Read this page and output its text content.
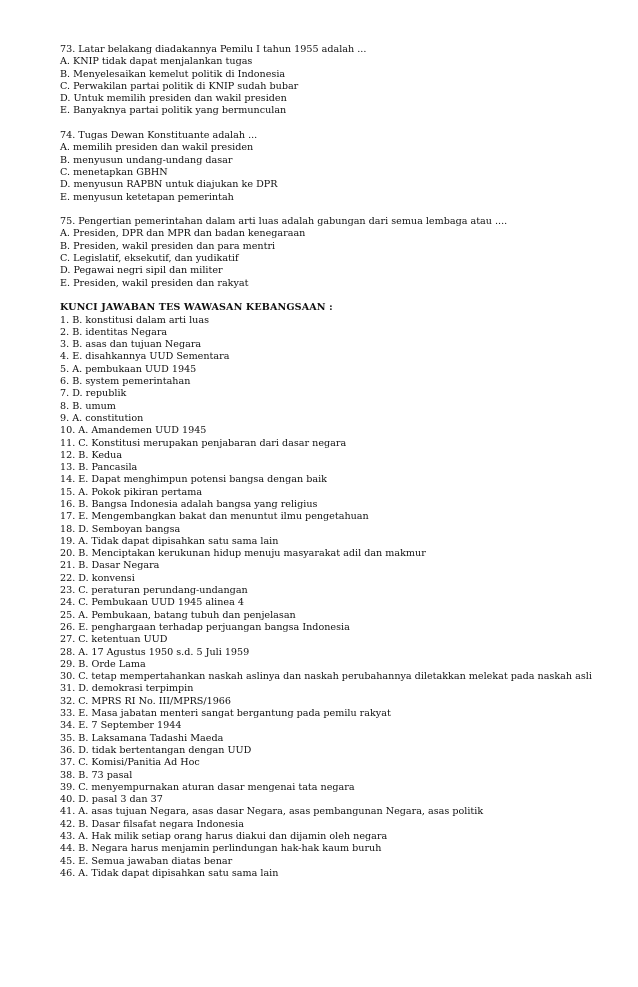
73. Latar belakang diadakannya Pemilu I tahun 1955 adalah ...
A. KNIP tidak dapat menjalankan tugas
B. Menyelesaikan kemelut politik di Indonesia
C. Perwakilan partai politik di KNIP sudah bubar
D. Untuk memilih presiden dan wakil presiden
E. Banyaknya partai politik yang bermunculan
74. Tugas Dewan Konstituante adalah ...
A. memilih presiden dan wakil presiden
B. menyusun undang-undang dasar
C. menetapkan GBHN
D. menyusun RAPBN untuk diajukan ke DPR
E. menyusun ketetapan pemerintah
75. Pengertian pemerintahan dalam arti luas adalah gabungan dari semua lembaga atau ....
A. Presiden, DPR dan MPR dan badan kenegaraan
B. Presiden, wakil presiden dan para mentri
C. Legislatif, eksekutif, dan yudikatif
D. Pegawai negri sipil dan militer
E. Presiden, wakil presiden dan rakyat
KUNCI JAWABAN TES WAWASAN KEBANGSAAN :
1. B. konstitusi dalam arti luas
2. B. identitas Negara
3. B. asas dan tujuan Negara
4. E. disahkannya UUD Sementara
5. A. pembukaan UUD 1945
6. B. system pemerintahan
7. D. republik
8. B. umum
9. A. constitution
10. A. Amandemen UUD 1945
11. C. Konstitusi merupakan penjabaran dari dasar negara
12. B. Kedua
13. B. Pancasila
14. E. Dapat menghimpun potensi bangsa dengan baik
15. A. Pokok pikiran pertama
16. B. Bangsa Indonesia adalah bangsa yang religius
17. E. Mengembangkan bakat dan menuntut ilmu pengetahuan
18. D. Semboyan bangsa
19. A. Tidak dapat dipisahkan satu sama lain
20. B. Menciptakan kerukunan hidup menuju masyarakat adil dan makmur
21. B. Dasar Negara
22. D. konvensi
23. C. peraturan perundang-undangan
24. C. Pembukaan UUD 1945 alinea 4
25. A. Pembukaan, batang tubuh dan penjelasan
26. E. penghargaan terhadap perjuangan bangsa Indonesia
27. C. ketentuan UUD
28. A. 17 Agustus 1950 s.d. 5 Juli 1959
29. B. Orde Lama
30. C. tetap mempertahankan naskah aslinya dan naskah perubahannya diletakkan melekat pada naskah asli
31. D. demokrasi terpimpin
32. C. MPRS RI No. III/MPRS/1966
33. E. Masa jabatan menteri sangat bergantung pada pemilu rakyat
34. E. 7 September 1944
35. B. Laksamana Tadashi Maeda
36. D. tidak bertentangan dengan UUD
37. C. Komisi/Panitia Ad Hoc
38. B. 73 pasal
39. C. menyempurnakan aturan dasar mengenai tata negara
40. D. pasal 3 dan 37
41. A. asas tujuan Negara, asas dasar Negara, asas pembangunan Negara, asas politik
42. B. Dasar filsafat negara Indonesia
43. A. Hak milik setiap orang harus diakui dan dijamin oleh negara
44. B. Negara harus menjamin perlindungan hak-hak kaum buruh
45. E. Semua jawaban diatas benar
46. A. Tidak dapat dipisahkan satu sama lain
